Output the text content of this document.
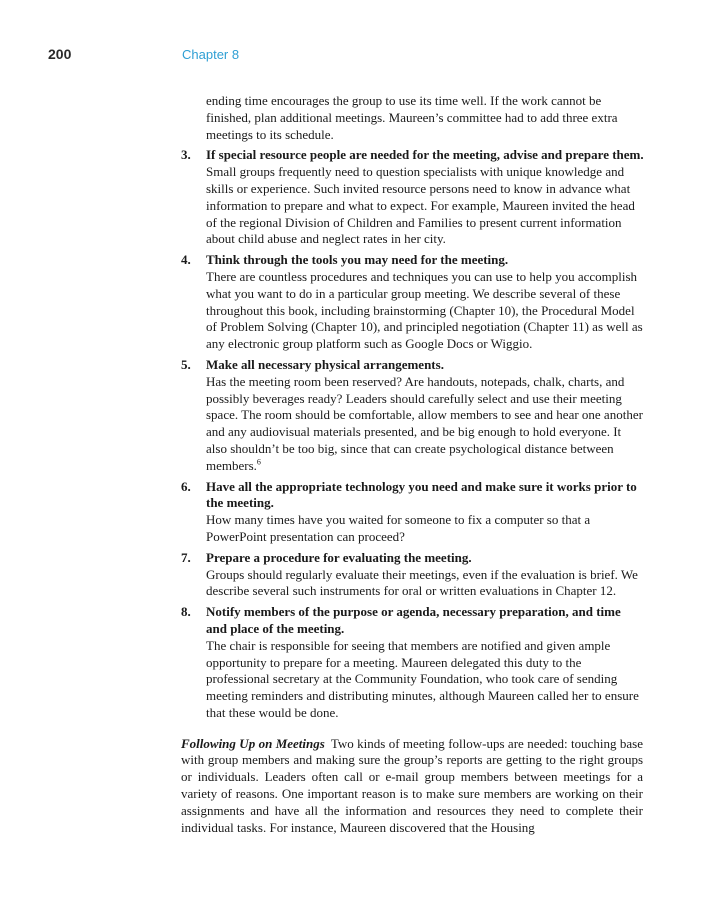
200	Chapter 8

ending time encourages the group to use its time well. If the work cannot be finished, plan additional meetings. Maureen’s committee had to add three extra meetings to its schedule.

3. If special resource people are needed for the meeting, advise and prepare them.
Small groups frequently need to question specialists with unique knowledge and skills or experience. Such invited resource persons need to know in advance what information to prepare and what to expect. For example, Maureen invited the head of the regional Division of Children and Families to present current information about child abuse and neglect rates in her city.
4. Think through the tools you may need for the meeting.
There are countless procedures and techniques you can use to help you accomplish what you want to do in a particular group meeting. We describe several of these throughout this book, including brainstorming (Chapter 10), the Procedural Model of Problem Solving (Chapter 10), and principled negotiation (Chapter 11) as well as any electronic group platform such as Google Docs or Wiggio.
5. Make all necessary physical arrangements.
Has the meeting room been reserved? Are handouts, notepads, chalk, charts, and possibly beverages ready? Leaders should carefully select and use their meeting space. The room should be comfortable, allow members to see and hear one another and any audiovisual materials presented, and be big enough to hold everyone. It also shouldn’t be too big, since that can create psychological distance between members.$^6$
6. Have all the appropriate technology you need and make sure it works prior to the meeting.
How many times have you waited for someone to fix a computer so that a PowerPoint presentation can proceed?
7. Prepare a procedure for evaluating the meeting.
Groups should regularly evaluate their meetings, even if the evaluation is brief. We describe several such instruments for oral or written evaluations in Chapter 12.
8. Notify members of the purpose or agenda, necessary preparation, and time and place of the meeting.
The chair is responsible for seeing that members are notified and given ample opportunity to prepare for a meeting. Maureen delegated this duty to the professional secretary at the Community Foundation, who took care of sending meeting reminders and distributing minutes, although Maureen called her to ensure that these would be done.

Following Up on Meetings Two kinds of meeting follow-ups are needed: touching base with group members and making sure the group’s reports are getting to the right groups or individuals. Leaders often call or e-mail group members between meetings for a variety of reasons. One important reason is to make sure members are working on their assignments and have all the information and resources they need to complete their individual tasks. For instance, Maureen discovered that the Housing
